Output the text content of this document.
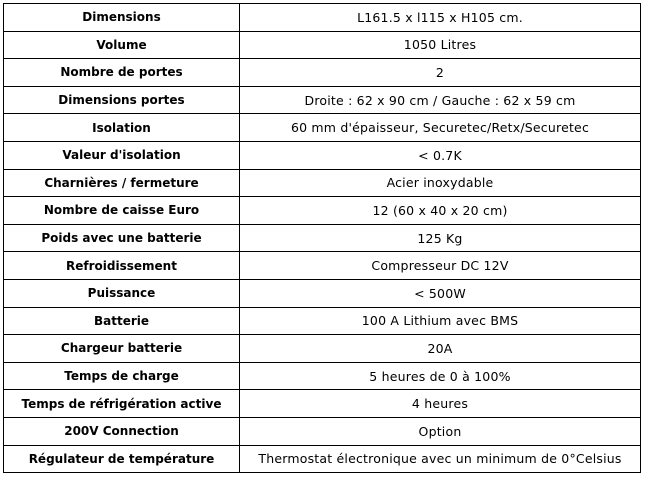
Dimensions	L161.5 x l115 x H105 cm.
Volume	1050 Litres
Nombre de portes	2
Dimensions portes	Droite : 62 x 90 cm / Gauche : 62 x 59 cm
Isolation	60 mm d'épaisseur, Securetec/Retx/Securetec
Valeur d'isolation	< 0.7K
Charnières / fermeture	Acier inoxydable
Nombre de caisse Euro	12 (60 x 40 x 20 cm)
Poids avec une batterie	125 Kg
Refroidissement	Compresseur DC 12V
Puissance	< 500W
Batterie	100 A Lithium avec BMS
Chargeur batterie	20A
Temps de charge	5 heures de 0 à 100%
Temps de réfrigération active	4 heures
200V Connection	Option
Régulateur de température	Thermostat électronique avec un minimum de 0°Celsius
